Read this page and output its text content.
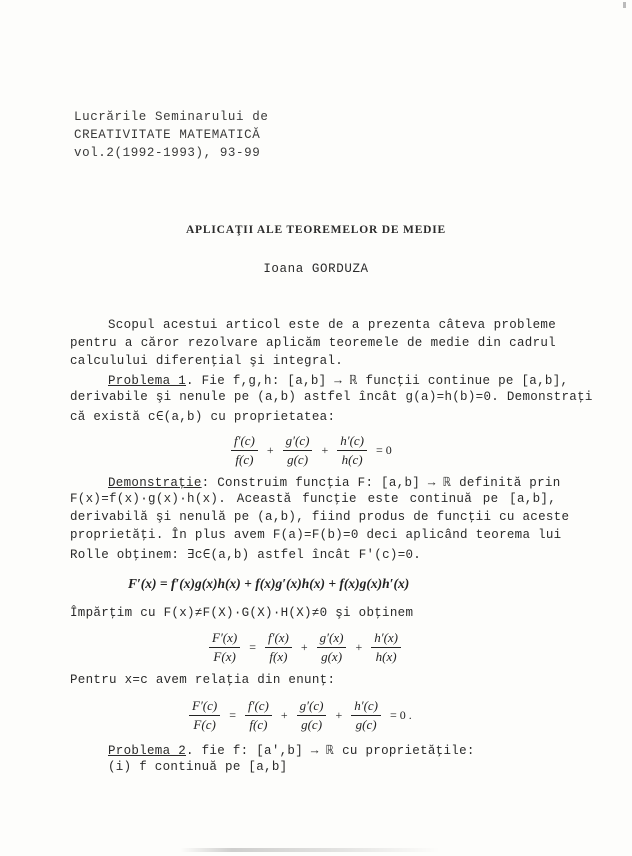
Lucrările Seminarului de
CREATIVITATE MATEMATICĂ
vol.2(1992-1993), 93-99
APLICAŢII ALE TEOREMELOR DE MEDIE
Ioana GORDUZA
Scopul acestui articol este de a prezenta câteva probleme
pentru a căror rezolvare aplicăm teoremele de medie din cadrul
calculului diferenţial şi integral.
Problema 1. Fie f,g,h: [a,b] → ℝ funcţii continue pe [a,b],
derivabile şi nenule pe (a,b) astfel încât g(a)=h(b)=0. Demonstraţi
că există c∈(a,b) cu proprietatea:
$\frac{f'(c)}{f(c)} + \frac{g'(c)}{g(c)} + \frac{h'(c)}{h(c)} = 0$
Demonstraţie: Construim funcţia F: [a,b] → ℝ definită prin
F(x)=f(x)·g(x)·h(x). Această funcţie este continuă pe [a,b],
derivabilă şi nenulă pe (a,b), fiind produs de funcţii cu aceste
proprietăţi. În plus avem F(a)=F(b)=0 deci aplicând teorema lui
Rolle obţinem: ∃c∈(a,b) astfel încât F′(c)=0.
F′(x) = f′(x)g(x)h(x) + f(x)g′(x)h(x) + f(x)g(x)h′(x)
Împărţim cu F(x)≠F(X)·G(X)·H(X)≠0 şi obţinem
$\frac{F'(x)}{F(x)} = \frac{f'(x)}{f(x)} + \frac{g'(x)}{g(x)} + \frac{h'(x)}{h(x)}$
Pentru x=c avem relaţia din enunţ:
$\frac{F'(c)}{F(c)} = \frac{f'(c)}{f(c)} + \frac{g'(c)}{g(c)} + \frac{h'(c)}{g(c)} = 0$ .
Problema 2. fie f: [a′,b] → ℝ cu proprietăţile:
(i) f continuă pe [a,b]
